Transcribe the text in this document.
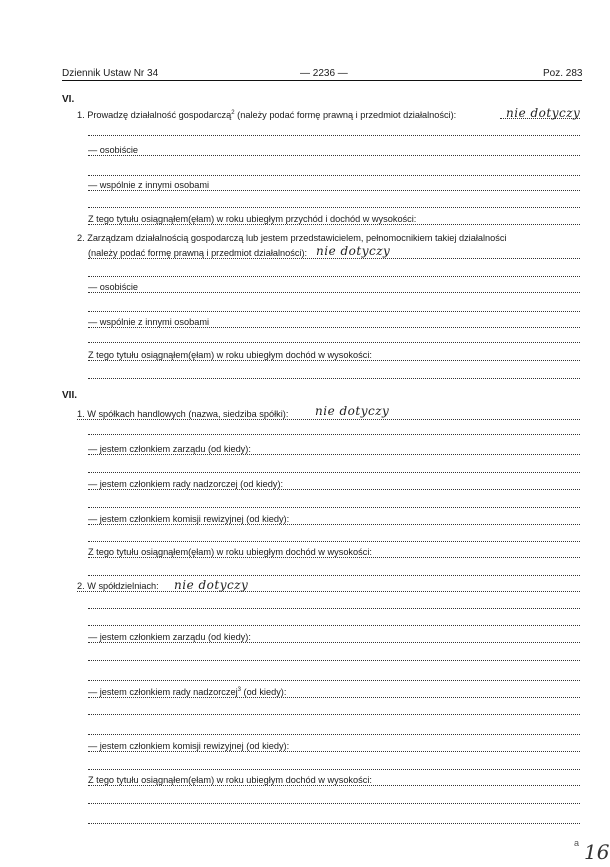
Dziennik Ustaw Nr 34	— 2236 —	Poz. 283
VI.
1. Prowadzę działalność gospodarczą$^2$ (należy podać formę prawną i przedmiot działalności):	nie dotyczy
— osobiście
— wspólnie z innymi osobami
Z tego tytułu osiągnąłem(ęłam) w roku ubiegłym przychód i dochód w wysokości:
2. Zarządzam działalnością gospodarczą lub jestem przedstawicielem, pełnomocnikiem takiej działalności
(należy podać formę prawną i przedmiot działalności): nie dotyczy
— osobiście
— wspólnie z innymi osobami
Z tego tytułu osiągnąłem(ęłam) w roku ubiegłym dochód w wysokości:
VII.
1. W spółkach handlowych (nazwa, siedziba spółki): nie dotyczy
— jestem członkiem zarządu (od kiedy):
— jestem członkiem rady nadzorczej (od kiedy):
— jestem członkiem komisji rewizyjnej (od kiedy):
Z tego tytułu osiągnąłem(ęłam) w roku ubiegłym dochód w wysokości:
2. W spółdzielniach: nie dotyczy
— jestem członkiem zarządu (od kiedy):
— jestem członkiem rady nadzorczej$^3$ (od kiedy):
— jestem członkiem komisji rewizyjnej (od kiedy):
Z tego tytułu osiągnąłem(ęłam) w roku ubiegłym dochód w wysokości:
a 16
